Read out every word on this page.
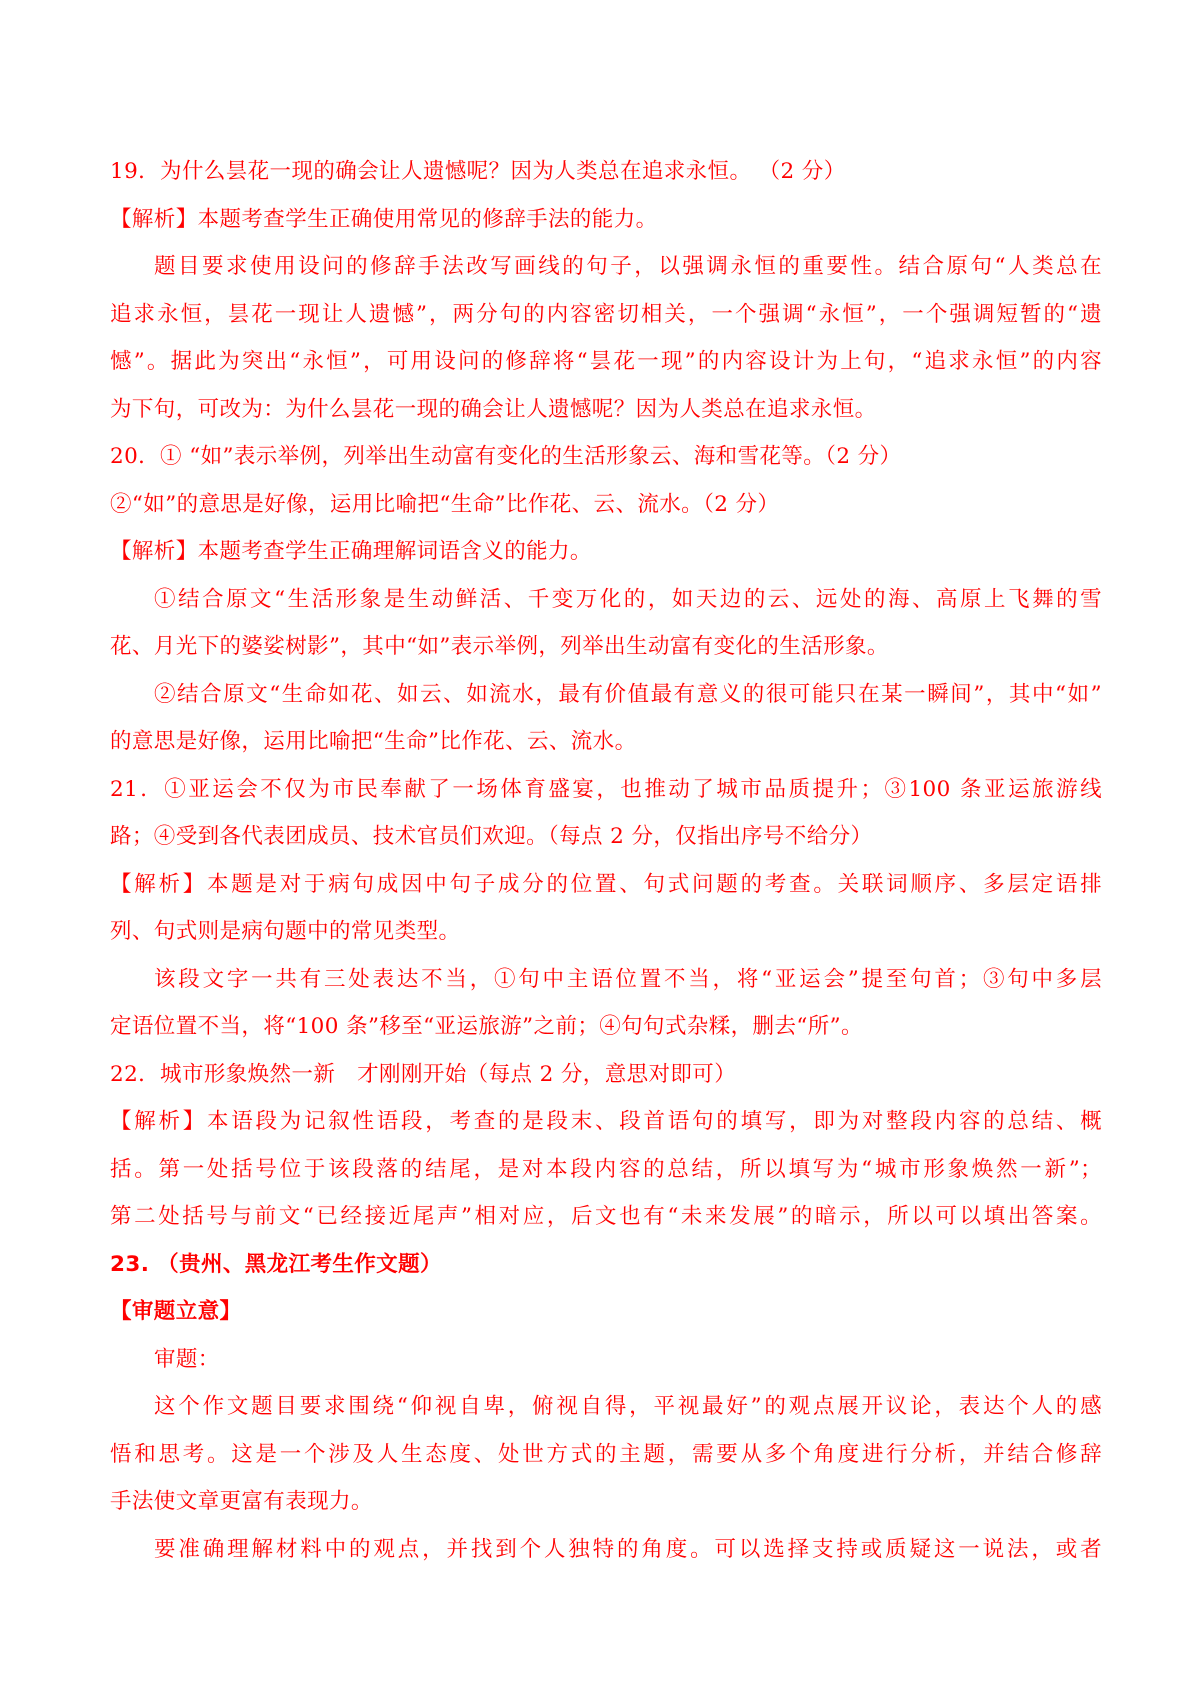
19．为什么昙花一现的确会让人遗憾呢？因为人类总在追求永恒。 （2 分）
【解析】本题考查学生正确使用常见的修辞手法的能力。
题目要求使用设问的修辞手法改写画线的句子，以强调永恒的重要性。结合原句“人类总在
追求永恒，昙花一现让人遗憾”，两分句的内容密切相关，一个强调“永恒”，一个强调短暂的“遗
憾”。据此为突出“永恒”，可用设问的修辞将“昙花一现”的内容设计为上句，“追求永恒”的内容
为下句，可改为：为什么昙花一现的确会让人遗憾呢？因为人类总在追求永恒。
20．① “如”表示举例，列举出生动富有变化的生活形象云、海和雪花等。（2 分）
②“如”的意思是好像，运用比喻把“生命”比作花、云、流水。（2 分）
【解析】本题考查学生正确理解词语含义的能力。
①结合原文“生活形象是生动鲜活、千变万化的，如天边的云、远处的海、高原上飞舞的雪
花、月光下的婆娑树影”，其中“如”表示举例，列举出生动富有变化的生活形象。
②结合原文“生命如花、如云、如流水，最有价值最有意义的很可能只在某一瞬间”，其中“如”
的意思是好像，运用比喻把“生命”比作花、云、流水。
21．①亚运会不仅为市民奉献了一场体育盛宴，也推动了城市品质提升；③100 条亚运旅游线
路；④受到各代表团成员、技术官员们欢迎。（每点 2 分，仅指出序号不给分）
【解析】本题是对于病句成因中句子成分的位置、句式问题的考查。关联词顺序、多层定语排
列、句式则是病句题中的常见类型。
该段文字一共有三处表达不当，①句中主语位置不当，将“亚运会”提至句首；③句中多层
定语位置不当，将“100 条”移至“亚运旅游”之前；④句句式杂糅，删去“所”。
22．城市形象焕然一新　才刚刚开始（每点 2 分，意思对即可）
【解析】本语段为记叙性语段，考查的是段末、段首语句的填写，即为对整段内容的总结、概
括。第一处括号位于该段落的结尾，是对本段内容的总结，所以填写为“城市形象焕然一新”；
第二处括号与前文“已经接近尾声”相对应，后文也有“未来发展”的暗示，所以可以填出答案。
23. （贵州、黑龙江考生作文题）
【审题立意】
审题：
这个作文题目要求围绕“仰视自卑，俯视自得，平视最好”的观点展开议论，表达个人的感
悟和思考。这是一个涉及人生态度、处世方式的主题，需要从多个角度进行分析，并结合修辞
手法使文章更富有表现力。
要准确理解材料中的观点，并找到个人独特的角度。可以选择支持或质疑这一说法，或者
